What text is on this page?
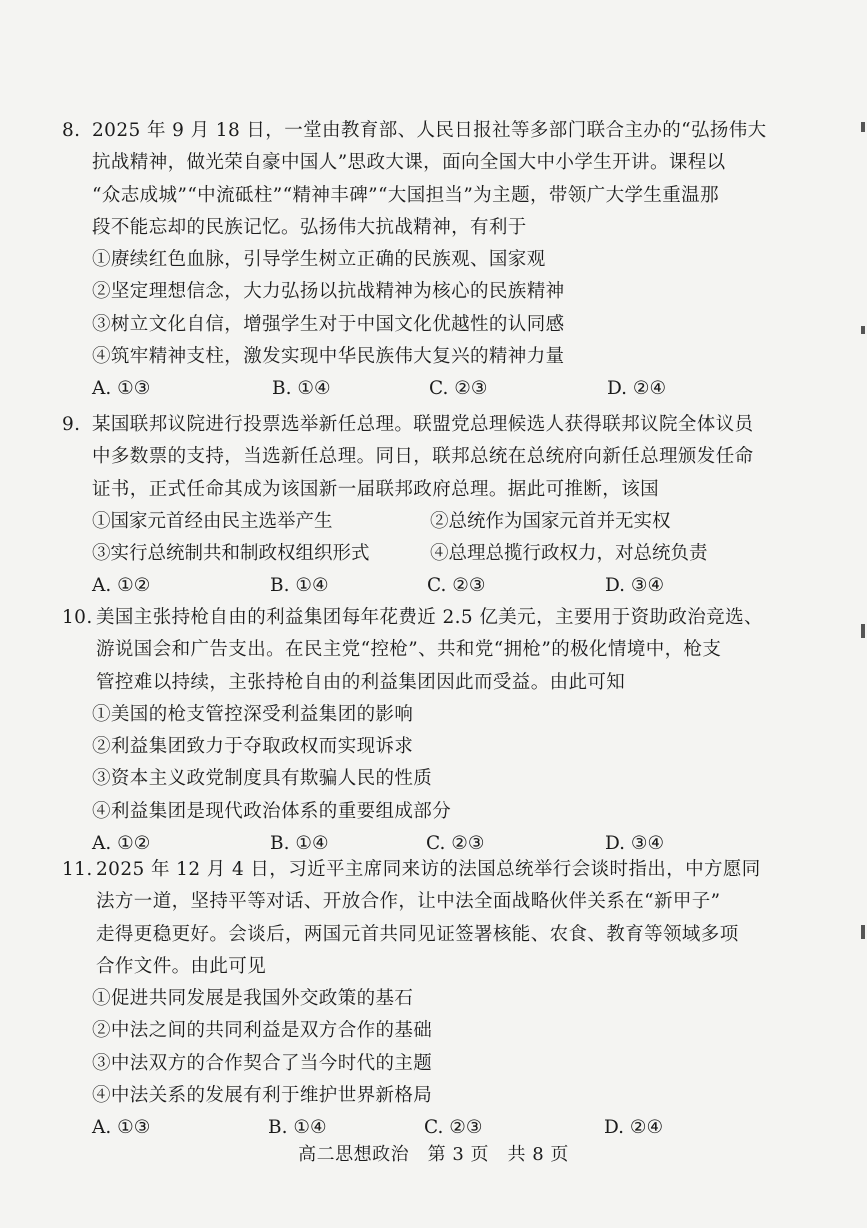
8. 2025 年 9 月 18 日，一堂由教育部、人民日报社等多部门联合主办的“弘扬伟大
抗战精神，做光荣自豪中国人”思政大课，面向全国大中小学生开讲。课程以
“众志成城”“中流砥柱”“精神丰碑”“大国担当”为主题，带领广大学生重温那
段不能忘却的民族记忆。弘扬伟大抗战精神，有利于
①赓续红色血脉，引导学生树立正确的民族观、国家观
②坚定理想信念，大力弘扬以抗战精神为核心的民族精神
③树立文化自信，增强学生对于中国文化优越性的认同感
④筑牢精神支柱，激发实现中华民族伟大复兴的精神力量
A. ①③	B. ①④	C. ②③	D. ②④
9. 某国联邦议院进行投票选举新任总理。联盟党总理候选人获得联邦议院全体议员
中多数票的支持，当选新任总理。同日，联邦总统在总统府向新任总理颁发任命
证书，正式任命其成为该国新一届联邦政府总理。据此可推断，该国
①国家元首经由民主选举产生	②总统作为国家元首并无实权
③实行总统制共和制政权组织形式	④总理总揽行政权力，对总统负责
A. ①②	B. ①④	C. ②③	D. ③④
10. 美国主张持枪自由的利益集团每年花费近 2.5 亿美元，主要用于资助政治竞选、
游说国会和广告支出。在民主党“控枪”、共和党“拥枪”的极化情境中，枪支
管控难以持续，主张持枪自由的利益集团因此而受益。由此可知
①美国的枪支管控深受利益集团的影响
②利益集团致力于夺取政权而实现诉求
③资本主义政党制度具有欺骗人民的性质
④利益集团是现代政治体系的重要组成部分
A. ①②	B. ①④	C. ②③	D. ③④
11. 2025 年 12 月 4 日，习近平主席同来访的法国总统举行会谈时指出，中方愿同
法方一道，坚持平等对话、开放合作，让中法全面战略伙伴关系在“新甲子”
走得更稳更好。会谈后，两国元首共同见证签署核能、农食、教育等领域多项
合作文件。由此可见
①促进共同发展是我国外交政策的基石
②中法之间的共同利益是双方合作的基础
③中法双方的合作契合了当今时代的主题
④中法关系的发展有利于维护世界新格局
A. ①③	B. ①④	C. ②③	D. ②④
高二思想政治　第 3 页　共 8 页
